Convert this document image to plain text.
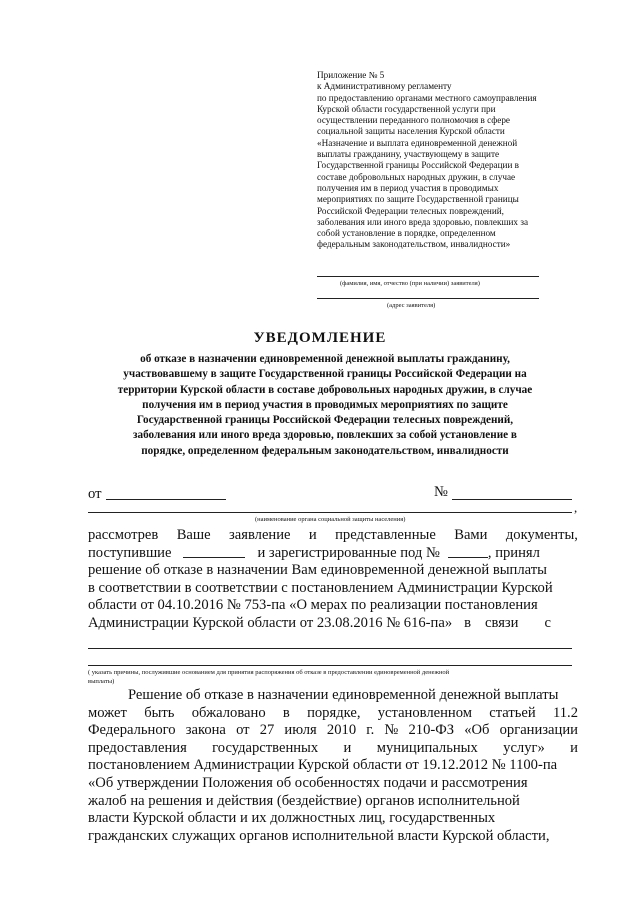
Приложение № 5
к Административному регламенту
по предоставлению органами местного самоуправления
Курской области государственной услуги при
осуществлении переданного полномочия в сфере
социальной защиты населения Курской области
«Назначение и выплата единовременной денежной
выплаты гражданину, участвующему в защите
Государственной границы Российской Федерации в
составе добровольных народных дружин, в случае
получения им в период участия в проводимых
мероприятиях по защите Государственной границы
Российской Федерации телесных повреждений,
заболевания или иного вреда здоровью, повлекших за
собой установление в порядке, определенном
федеральным законодательством, инвалидности»
(фамилия, имя, отчество (при наличии) заявителя)
(адрес заявителя)
УВЕДОМЛЕНИЕ
об отказе в назначении единовременной денежной выплаты гражданину,
участвовавшему в защите Государственной границы Российской Федерации на
территории Курской области в составе добровольных народных дружин, в случае
получения им в период участия в проводимых мероприятиях по защите
Государственной границы Российской Федерации телесных повреждений,
заболевания или иного вреда здоровью, повлекших за собой установление в
порядке, определенном федеральным законодательством, инвалидности
от	№
,
(наименование органа социальной защиты населения)
рассмотрев Ваше заявление и представленные Вами документы,
поступившие	и зарегистрированные под №	, принял
решение об отказе в назначении Вам единовременной денежной выплаты
в соответствии в соответствии с постановлением Администрации Курской
области от 04.10.2016 № 753-па «О мерах по реализации постановления
Администрации Курской области от 23.08.2016 № 616-па» в связи с
( указать причины, послужившие основанием для принятия распоряжения об отказе в предоставлении единовременной денежной
выплаты)
Решение об отказе в назначении единовременной денежной выплаты
может быть обжаловано в порядке, установленном статьей 11.2
Федерального закона от 27 июля 2010 г. № 210-ФЗ «Об организации
предоставления государственных и муниципальных услуг» и
постановлением Администрации Курской области от 19.12.2012 № 1100-па
«Об утверждении Положения об особенностях подачи и рассмотрения
жалоб на решения и действия (бездействие) органов исполнительной
власти Курской области и их должностных лиц, государственных
гражданских служащих органов исполнительной власти Курской области,
